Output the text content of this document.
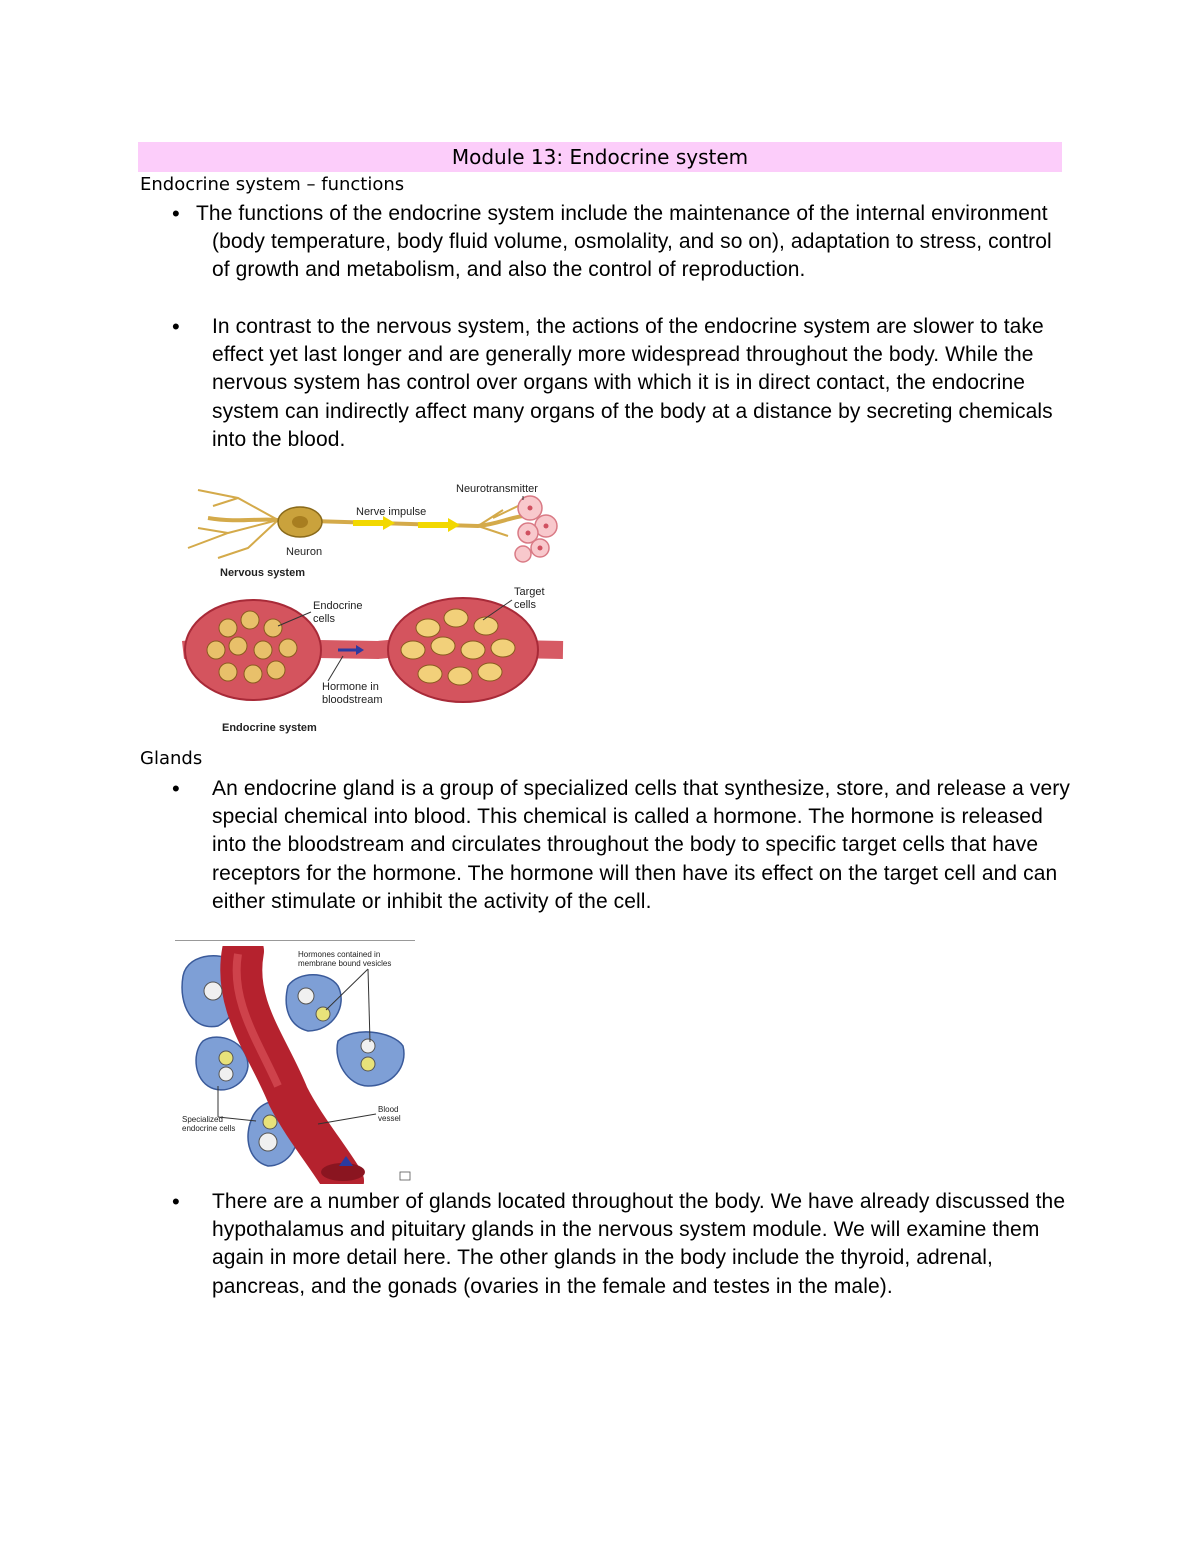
Module 13: Endocrine system
Endocrine system – functions
• The functions of the endocrine system include the maintenance of the internal environment (body temperature, body fluid volume, osmolality, and so on), adaptation to stress, control of growth and metabolism, and also the control of reproduction.
• In contrast to the nervous system, the actions of the endocrine system are slower to take effect yet last longer and are generally more widespread throughout the body. While the nervous system has control over organs with which it is in direct contact, the endocrine system can indirectly affect many organs of the body at a distance by secreting chemicals into the blood.
Nerve impulse
Neurotransmitter
Neuron
Nervous system
Endocrine
cells
Target
cells
Hormone in
bloodstream
Endocrine system
Glands
• An endocrine gland is a group of specialized cells that synthesize, store, and release a very special chemical into blood. This chemical is called a hormone. The hormone is released into the bloodstream and circulates throughout the body to specific target cells that have receptors for the hormone. The hormone will then have its effect on the target cell and can either stimulate or inhibit the activity of the cell.
Hormones contained in
membrane bound vesicles
Specialized
endocrine cells
Blood
vessel
• There are a number of glands located throughout the body. We have already discussed the hypothalamus and pituitary glands in the nervous system module. We will examine them again in more detail here. The other glands in the body include the thyroid, adrenal, pancreas, and the gonads (ovaries in the female and testes in the male).
